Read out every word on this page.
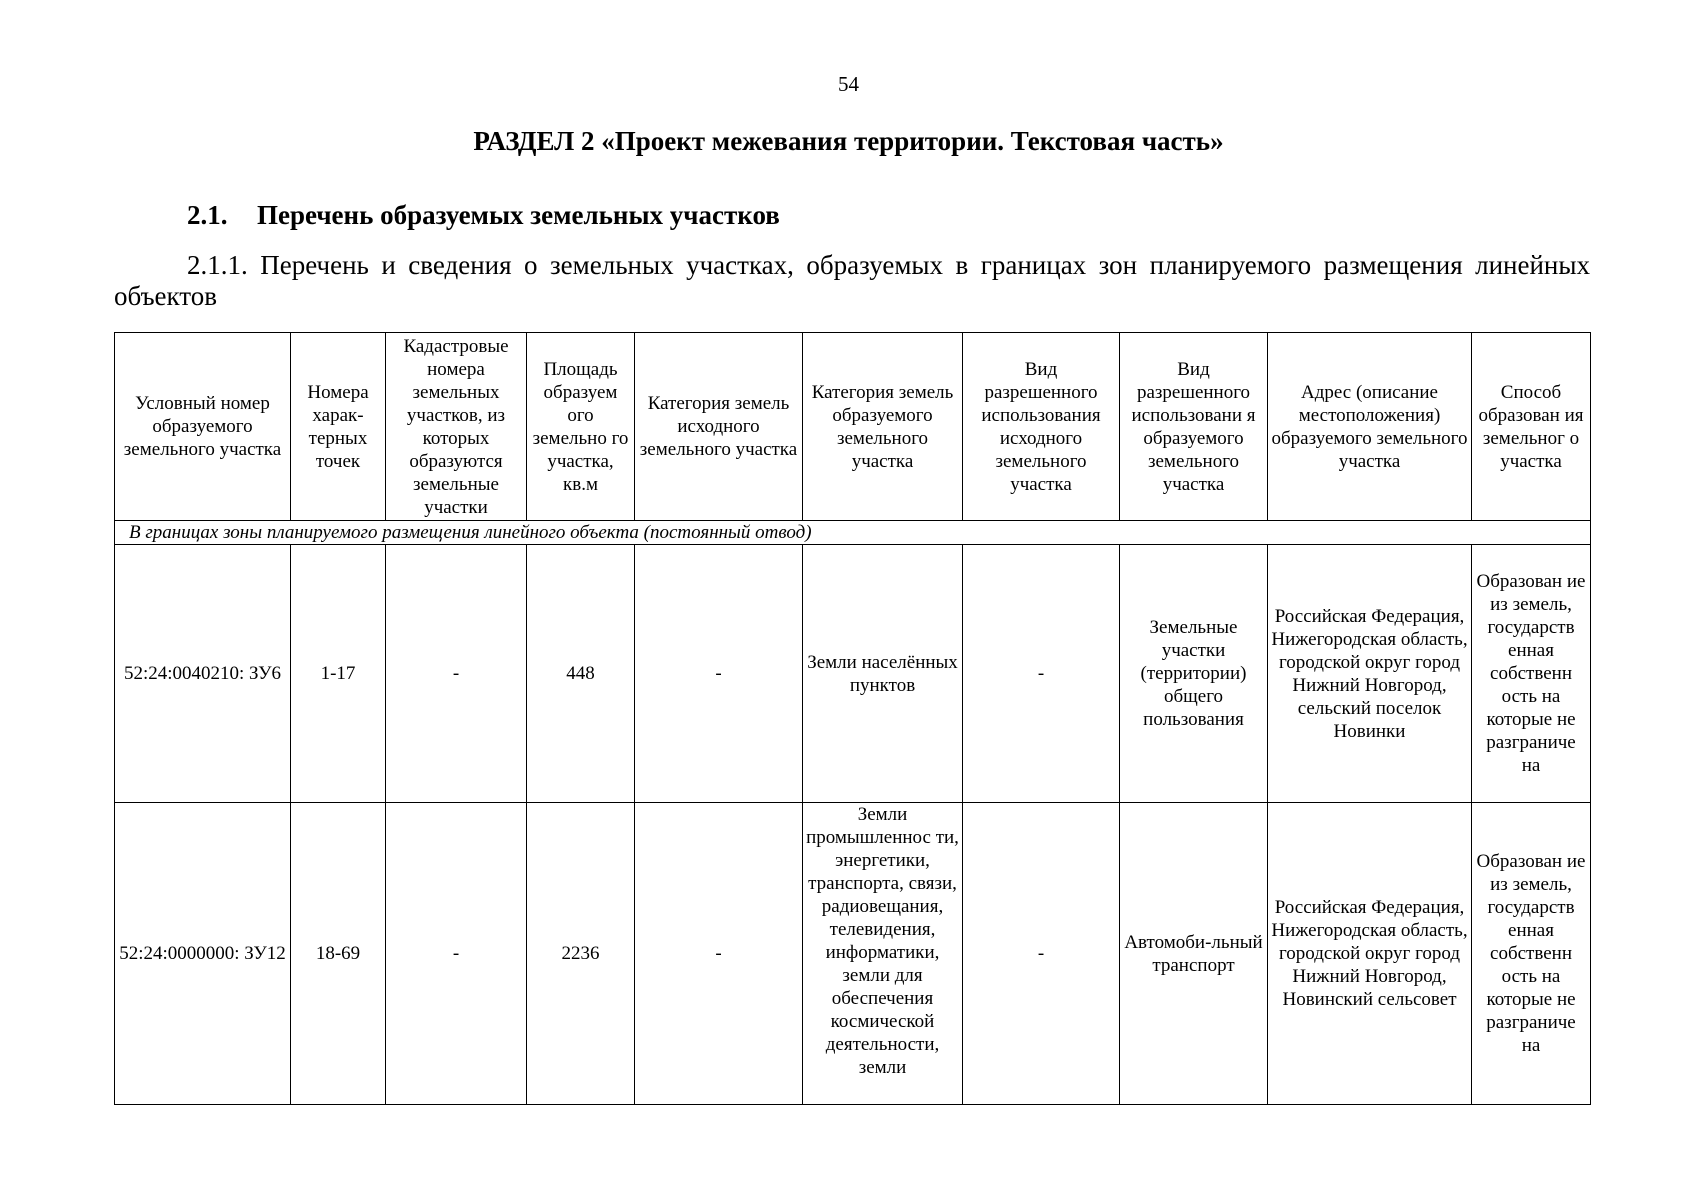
54
РАЗДЕЛ 2 «Проект межевания территории. Текстовая часть»
2.1. Перечень образуемых земельных участков
2.1.1. Перечень и сведения о земельных участках, образуемых в границах зон планируемого размещения линейных объектов
Условный номер образуемого земельного участка	Номера харак-терных точек	Кадастровые номера земельных участков, из которых образуются земельные участки	Площадь образуем ого земельно го участка, кв.м	Категория земель исходного земельного участка	Категория земель образуемого земельного участка	Вид разрешенного использования исходного земельного участка	Вид разрешенного использовани я образуемого земельного участка	Адрес (описание местоположения) образуемого земельного участка	Способ образован ия земельног о участка
В границах зоны планируемого размещения линейного объекта (постоянный отвод)									
52:24:0040210: ЗУ6	1-17	-	448	-	Земли населённых пунктов	-	Земельные участки (территории) общего пользования	Российская Федерация, Нижегородская область, городской округ город Нижний Новгород, сельский поселок Новинки	Образован ие из земель, государств енная собственн ость на которые не разграниче на
52:24:0000000: ЗУ12	18-69	-	2236	-	Земли промышленнос ти, энергетики, транспорта, связи, радиовещания, телевидения, информатики, земли для обеспечения космической деятельности, земли	-	Автомоби-льный транспорт	Российская Федерация, Нижегородская область, городской округ город Нижний Новгород, Новинский сельсовет	Образован ие из земель, государств енная собственн ость на которые не разграниче на
